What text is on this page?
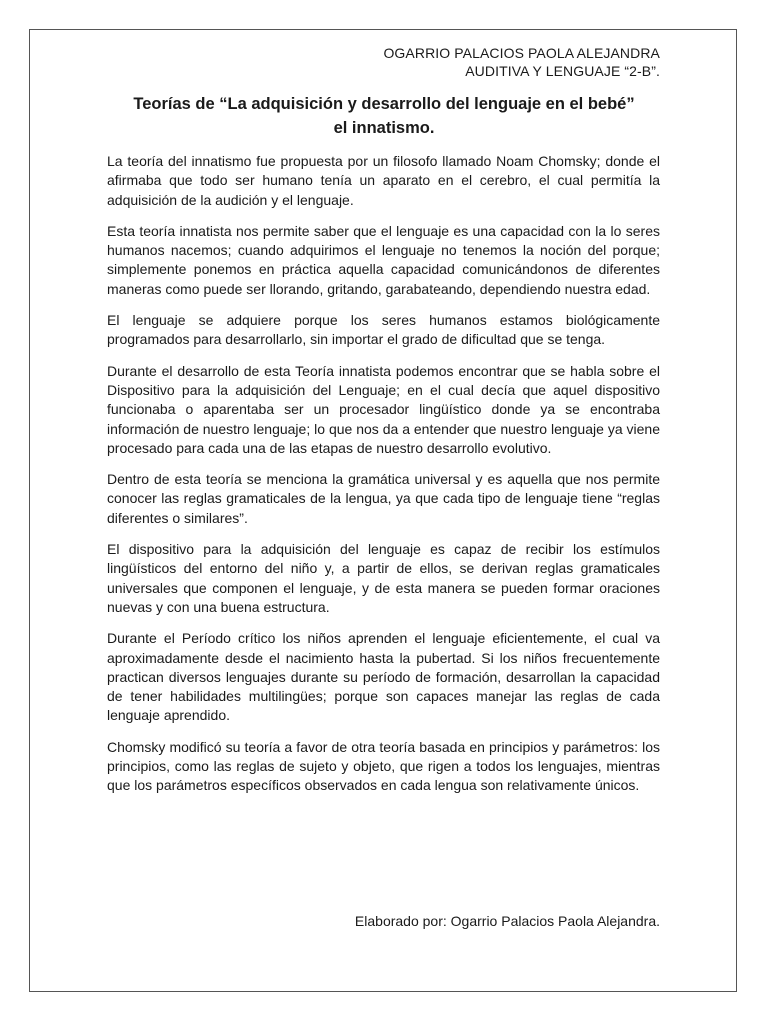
OGARRIO PALACIOS PAOLA ALEJANDRA
AUDITIVA Y LENGUAJE “2-B”.
Teorías de “La adquisición y desarrollo del lenguaje en el bebé”
el innatismo.

La teoría del innatismo fue propuesta por un filosofo llamado Noam Chomsky; donde el afirmaba que todo ser humano tenía un aparato en el cerebro, el cual permitía la adquisición de la audición y el lenguaje.

Esta teoría innatista nos permite saber que el lenguaje es una capacidad con la lo seres humanos nacemos; cuando adquirimos el lenguaje no tenemos la noción del porque; simplemente ponemos en práctica aquella capacidad comunicándonos de diferentes maneras como puede ser llorando, gritando, garabateando, dependiendo nuestra edad.

El lenguaje se adquiere porque los seres humanos estamos biológicamente programados para desarrollarlo, sin importar el grado de dificultad que se tenga.

Durante el desarrollo de esta Teoría innatista podemos encontrar que se habla sobre el Dispositivo para la adquisición del Lenguaje; en el cual decía que aquel dispositivo funcionaba o aparentaba ser un procesador lingüístico donde ya se encontraba información de nuestro lenguaje; lo que nos da a entender que nuestro lenguaje ya viene procesado para cada una de las etapas de nuestro desarrollo evolutivo.

Dentro de esta teoría se menciona la gramática universal y es aquella que nos permite conocer las reglas gramaticales de la lengua, ya que cada tipo de lenguaje tiene “reglas diferentes o similares”.

El dispositivo para la adquisición del lenguaje es capaz de recibir los estímulos lingüísticos del entorno del niño y, a partir de ellos, se derivan reglas gramaticales universales que componen el lenguaje, y de esta manera se pueden formar oraciones nuevas y con una buena estructura.

Durante el Período crítico los niños aprenden el lenguaje eficientemente, el cual va aproximadamente desde el nacimiento hasta la pubertad. Si los niños frecuentemente practican diversos lenguajes durante su período de formación, desarrollan la capacidad de tener habilidades multilingües; porque son capaces manejar las reglas de cada lenguaje aprendido.

Chomsky modificó su teoría a favor de otra teoría basada en principios y parámetros: los principios, como las reglas de sujeto y objeto, que rigen a todos los lenguajes, mientras que los parámetros específicos observados en cada lengua son relativamente únicos.

Elaborado por: Ogarrio Palacios Paola Alejandra.
